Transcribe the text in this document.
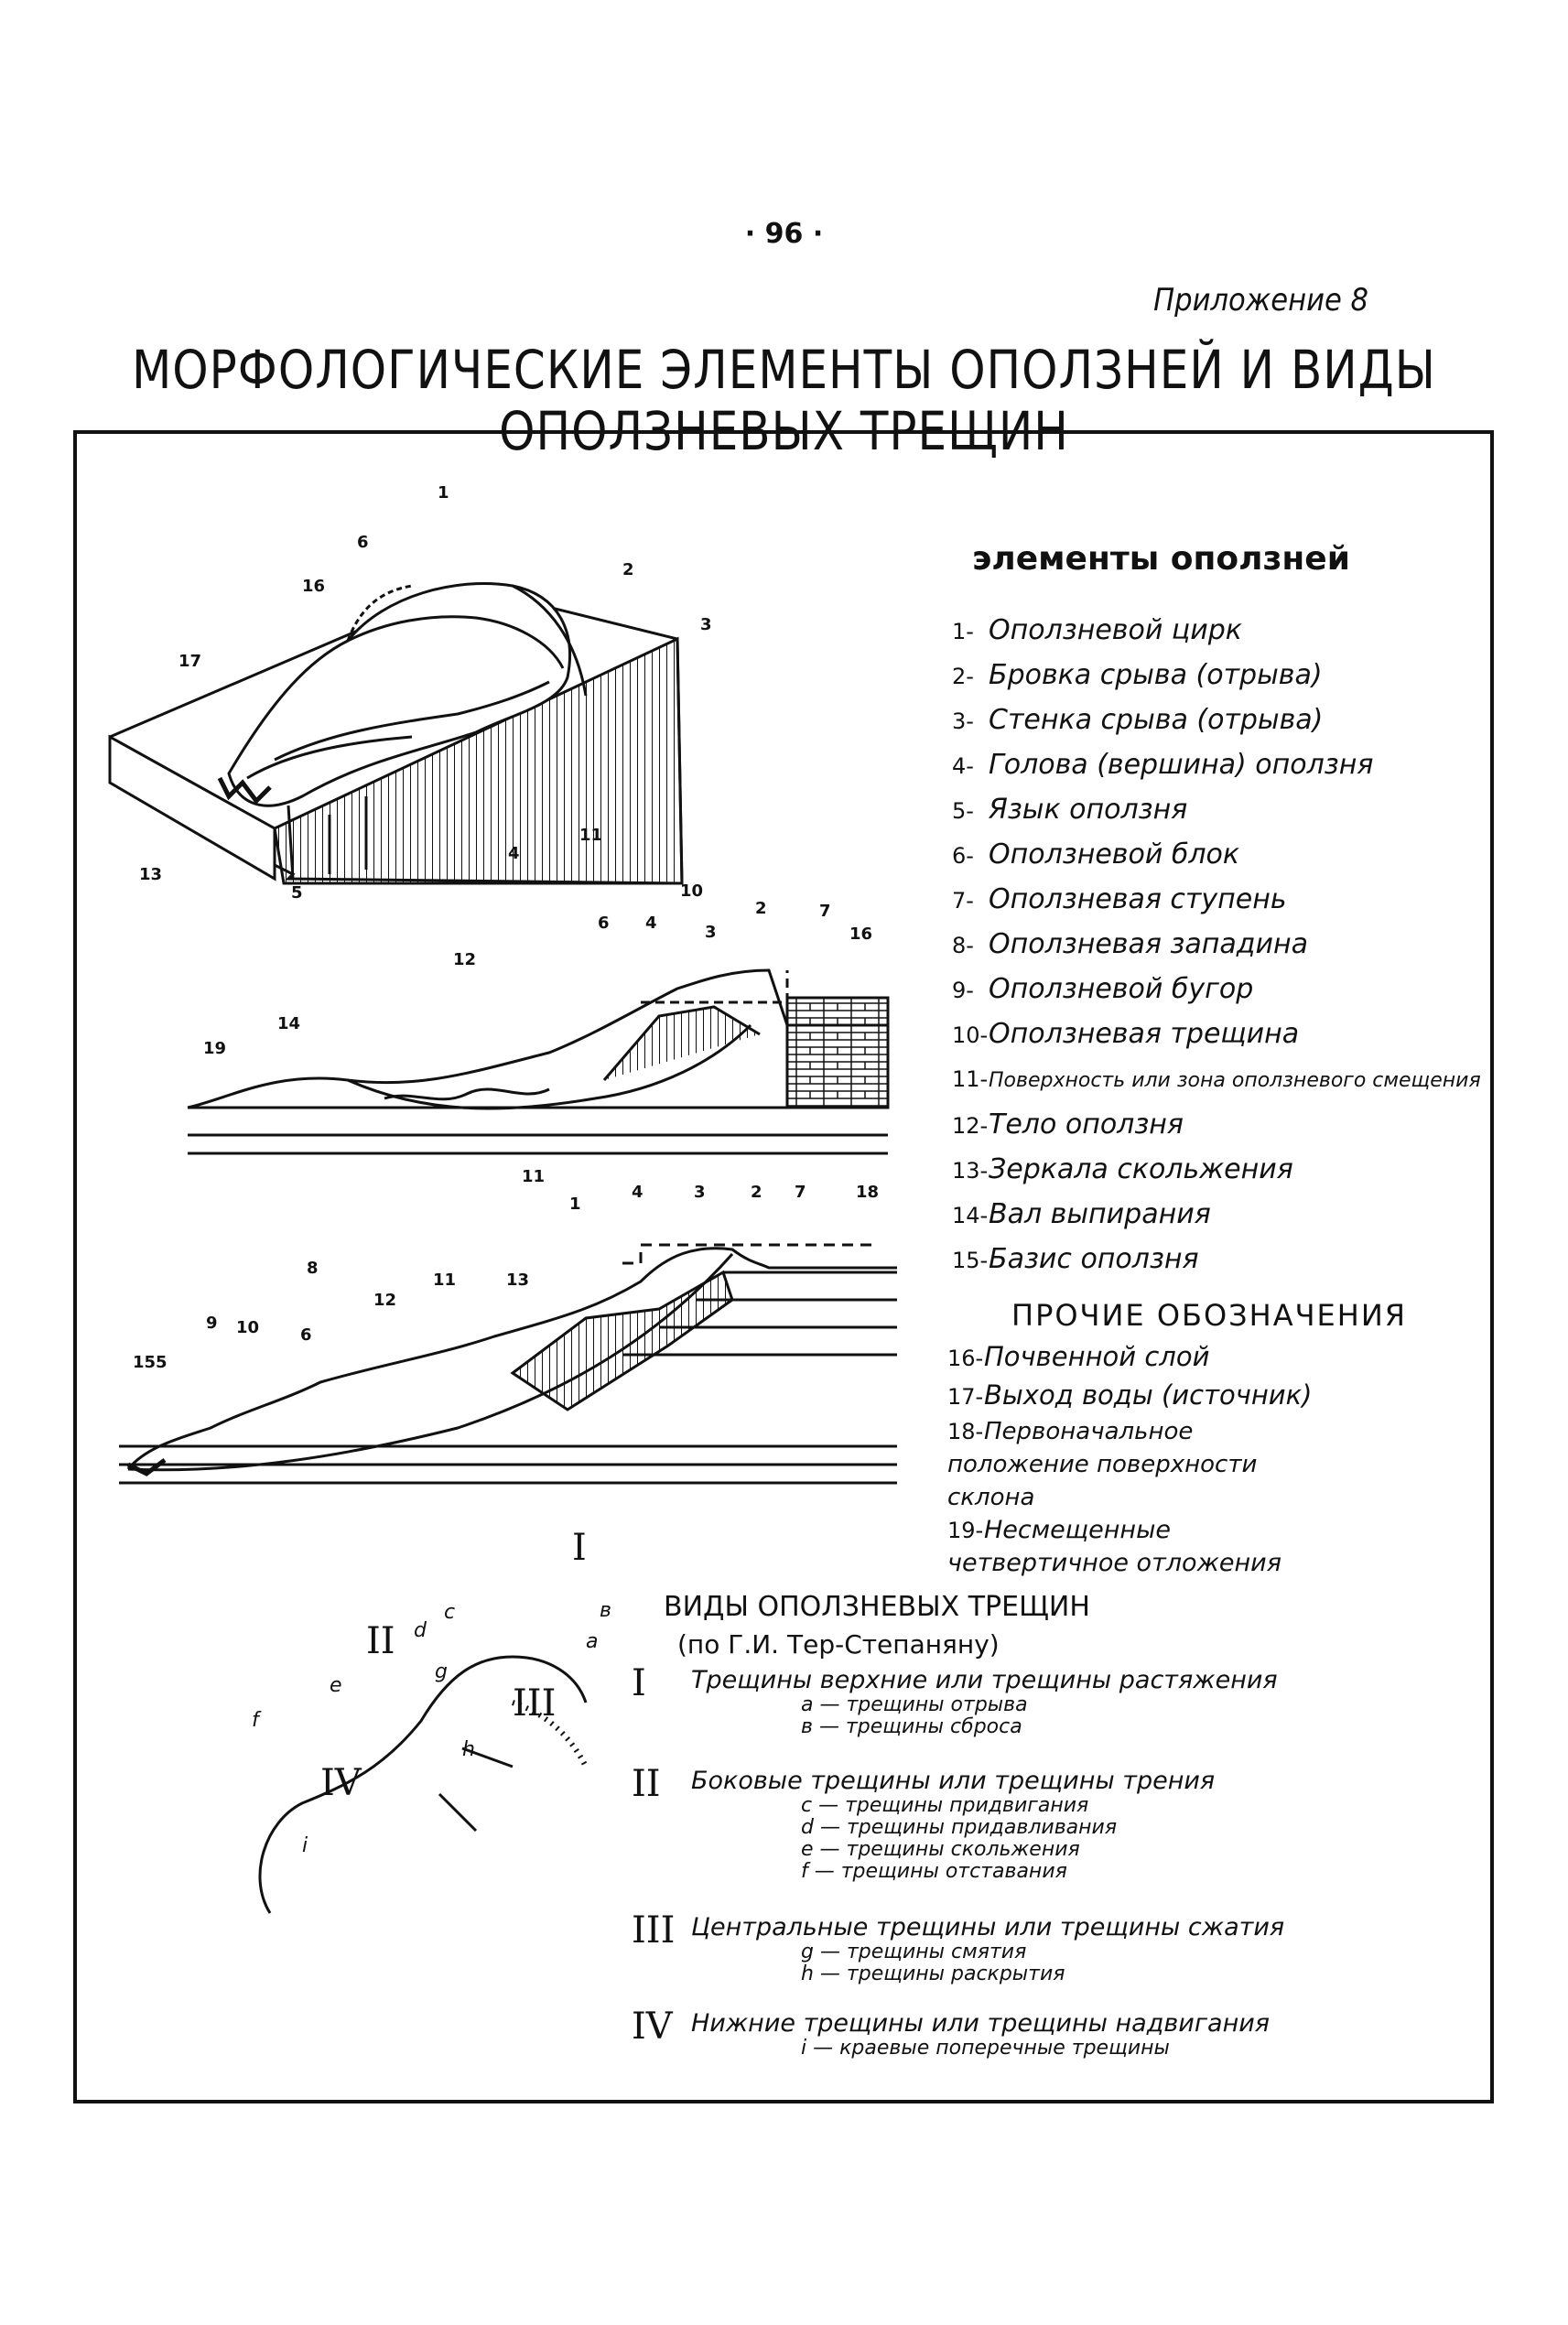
· 96 ·
Приложение 8
МОРФОЛОГИЧЕСКИЕ ЭЛЕМЕНТЫ ОПОЛЗНЕЙ И ВИДЫ ОПОЛЗНЕВЫХ ТРЕЩИН
1
2
3
4
5
6
11
13
16
17
2
3
4
6
7
10
11
12
14
16
19
1
2
3
4
5
6
7
8
9 10
11
12
13
15
18
I
II
III
IV
a
в
c
d
e
f
g
h
i
элементы оползней
1- Оползневой цирк
2- Бровка срыва (отрыва)
3- Стенка срыва (отрыва)
4- Голова (вершина) оползня
5- Язык оползня
6- Оползневой блок
7- Оползневая ступень
8- Оползневая западина
9- Оползневой бугор
10-Оползневая трещина
11-Поверхность или зона оползневого смещения
12-Тело оползня
13-Зеркала скольжения
14-Вал выпирания
15-Базис оползня
ПРОЧИЕ ОБОЗНАЧЕНИЯ
16-Почвенной слой
17-Выход воды (источник)
18-Первоначальное положение поверхности склона
19-Несмещенные четвертичное отложения
ВИДЫ ОПОЛЗНЕВЫХ ТРЕЩИН
(по Г.И. Тер-Степаняну)
I Трещины верхние или трещины растяжения
a — трещины отрыва
в — трещины сброса
II Боковые трещины или трещины трения
c — трещины придвигания
d — трещины придавливания
e — трещины скольжения
f — трещины отставания
III Центральные трещины или трещины сжатия
g — трещины смятия
h — трещины раскрытия
IV Нижние трещины или трещины надвигания
i — краевые поперечные трещины
